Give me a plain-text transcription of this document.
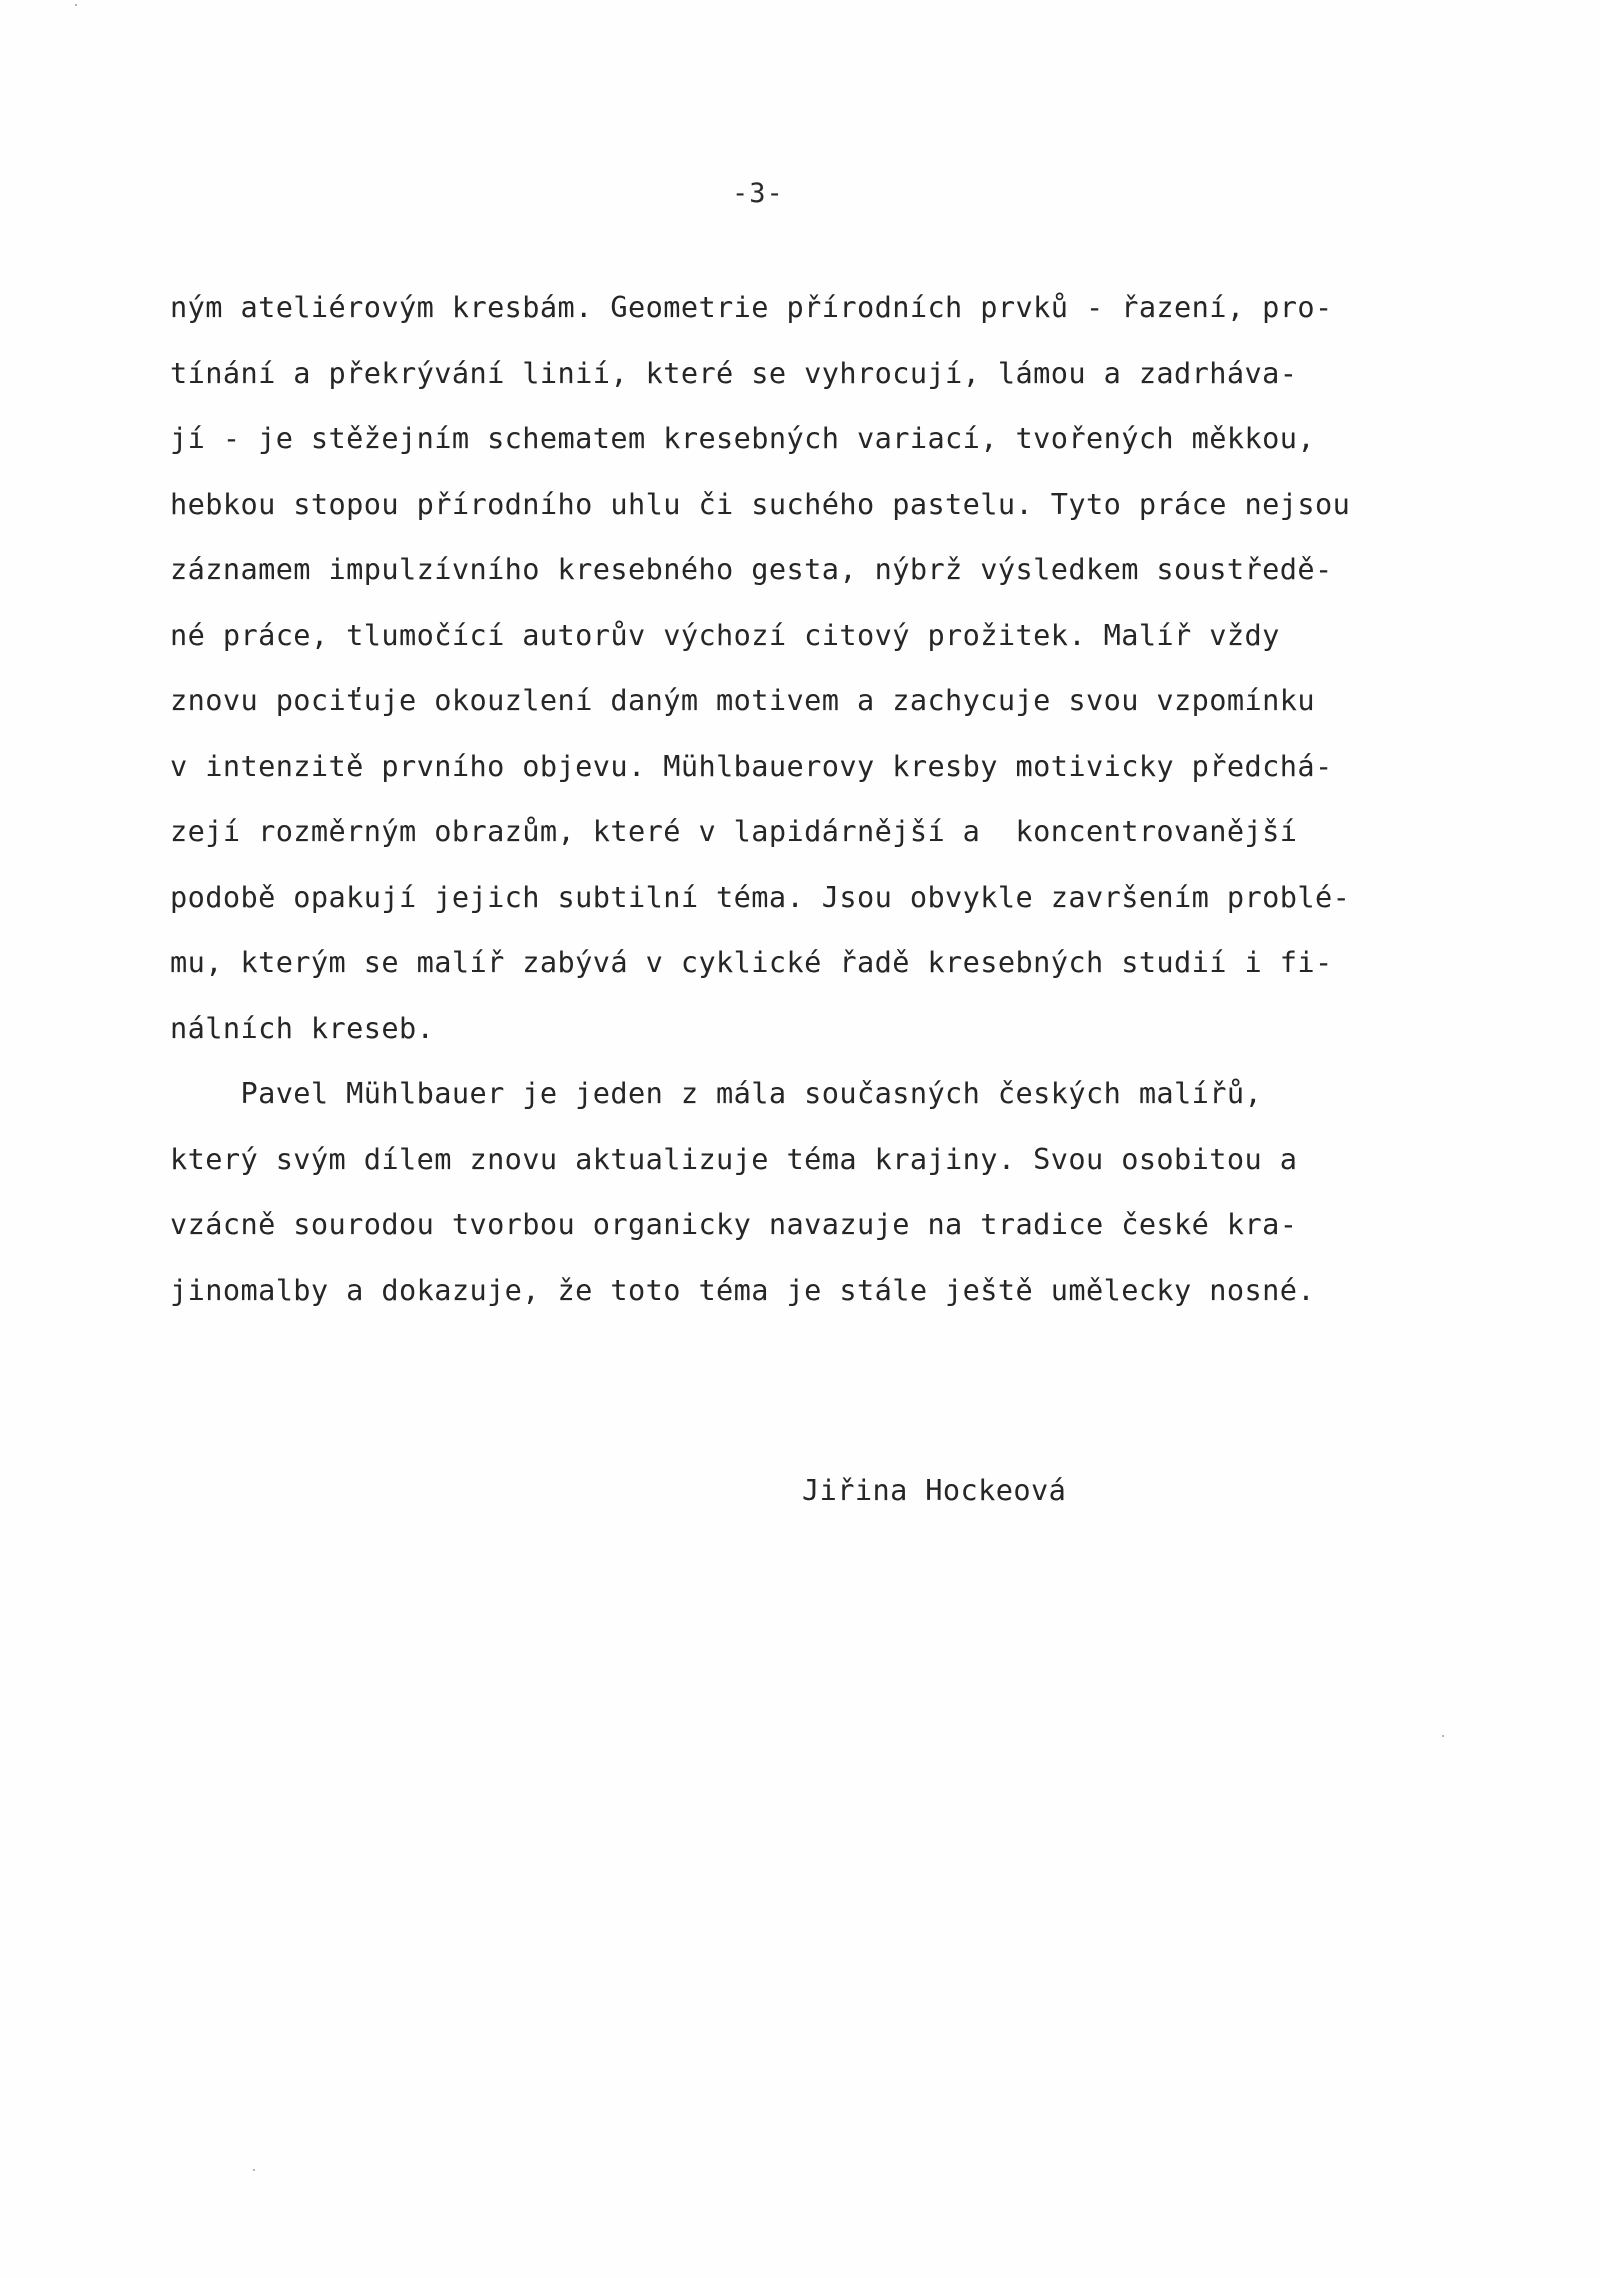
-3-
ným ateliérovým kresbám. Geometrie přírodních prvků - řazení, pro-
tínání a překrývání linií, které se vyhrocují, lámou a zadrháva-
jí - je stěžejním schematem kresebných variací, tvořených měkkou,
hebkou stopou přírodního uhlu či suchého pastelu. Tyto práce nejsou
záznamem impulzívního kresebného gesta, nýbrž výsledkem soustředě-
né práce, tlumočící autorův výchozí citový prožitek. Malíř vždy
znovu pociťuje okouzlení daným motivem a zachycuje svou vzpomínku
v intenzitě prvního objevu. Mühlbauerovy kresby motivicky předchá-
zejí rozměrným obrazům, které v lapidárnější a  koncentrovanější
podobě opakují jejich subtilní téma. Jsou obvykle završením problé-
mu, kterým se malíř zabývá v cyklické řadě kresebných studií i fi-
nálních kreseb.
Pavel Mühlbauer je jeden z mála současných českých malířů,
který svým dílem znovu aktualizuje téma krajiny. Svou osobitou a
vzácně sourodou tvorbou organicky navazuje na tradice české kra-
jinomalby a dokazuje, že toto téma je stále ještě umělecky nosné.
Jiřina Hockeová
